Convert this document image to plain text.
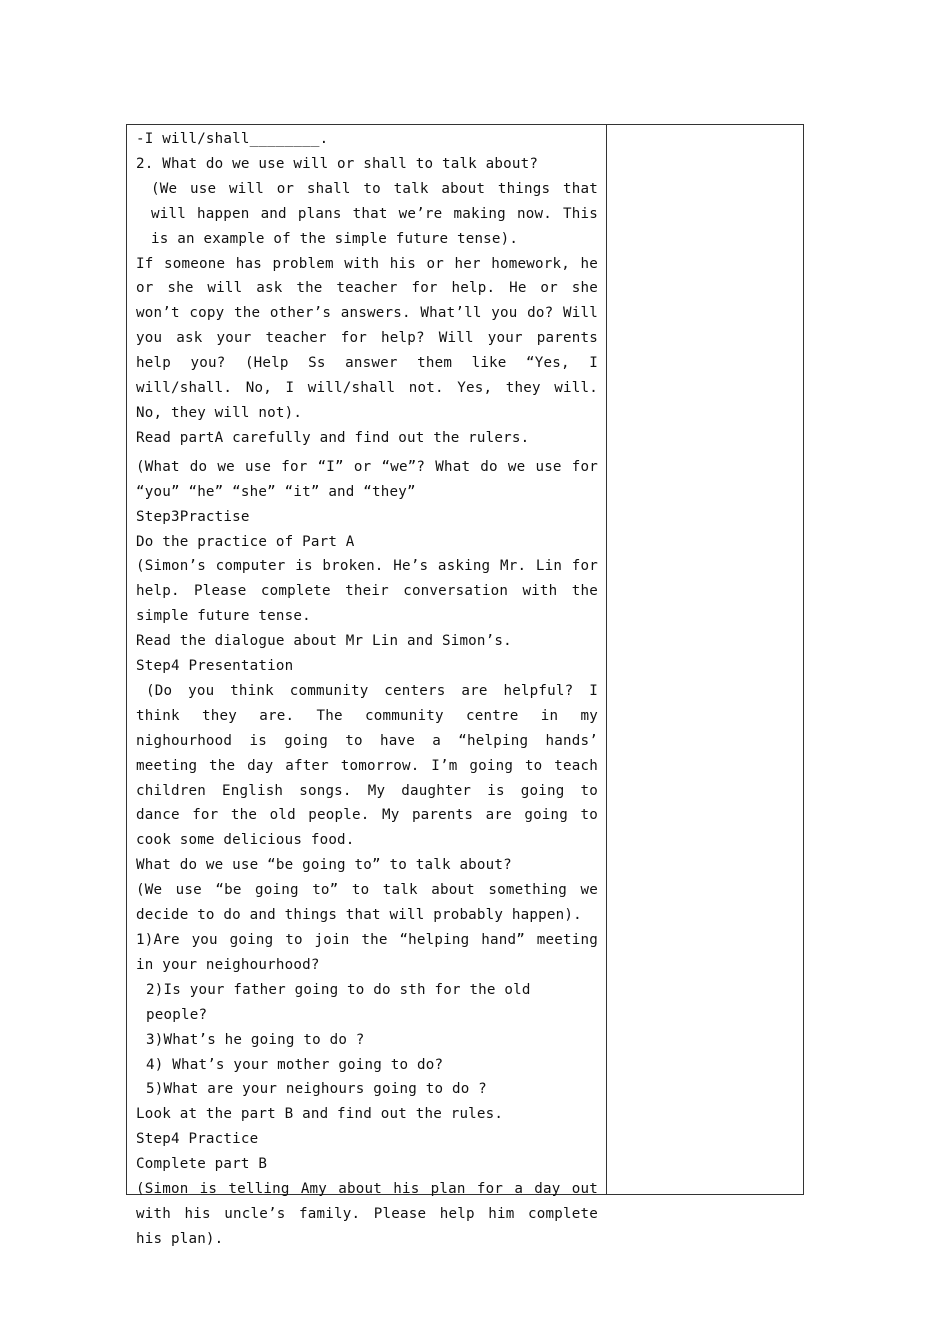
-I will/shall________.

2. What do we use will or shall to talk about?

(We use will or shall to talk about things that will happen and plans that we’re making now. This is an example of the simple future tense).

If someone has problem with his or her homework, he or she will ask the teacher for help. He or she won’t copy the other’s answers. What’ll you do? Will you ask your teacher for help? Will your parents help you? (Help Ss answer them like “Yes, I will/shall. No, I will/shall not. Yes, they will. No, they will not).

Read partA carefully and find out the rulers.

(What do we use for “I” or “we”? What do we use for “you” “he” “she” “it” and “they”

Step3Practise

Do the practice of Part A

(Simon’s computer is broken. He’s asking Mr. Lin for help. Please complete their conversation with the simple future tense.

Read the dialogue about Mr Lin and Simon’s.

Step4 Presentation

(Do you think community centers are helpful? I think they are. The community centre in my nighourhood is going to have a “helping hands’ meeting the day after tomorrow. I’m going to teach children English songs. My daughter is going to dance for the old people. My parents are going to cook some delicious food.

What do we use “be going to” to talk about?

(We use “be going to” to talk about something we decide to do and things that will probably happen).

1)Are you going to join the “helping hand” meeting in your neighourhood?

2)Is your father going to do sth for the old people?

3)What’s he going to do ?

4) What’s your mother going to do?

5)What are your neighours going to do ?

Look at the part B and find out the rules.

Step4 Practice

Complete part B

(Simon is telling Amy about his plan for a day out with his uncle’s family. Please help him complete his plan).
